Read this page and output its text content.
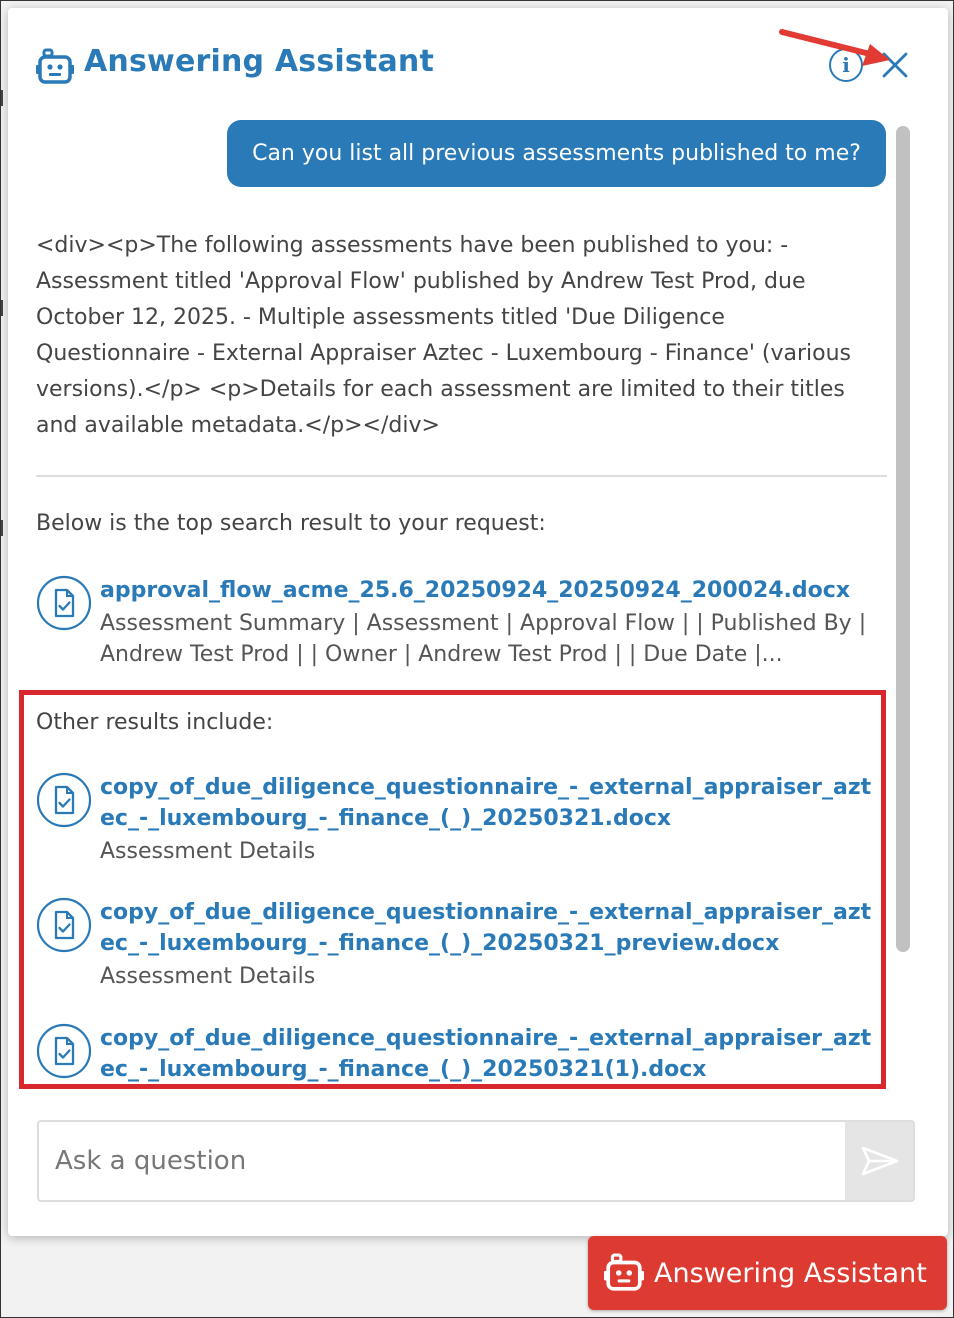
Answering Assistant	i
Can you list all previous assessments published to me?
<div><p>The following assessments have been published to you: - Assessment titled 'Approval Flow' published by Andrew Test Prod, due October 12, 2025. - Multiple assessments titled 'Due Diligence Questionnaire - External Appraiser Aztec - Luxembourg - Finance' (various versions).</p> <p>Details for each assessment are limited to their titles and available metadata.</p></div>
Below is the top search result to your request:
approval_flow_acme_25.6_20250924_20250924_200024.docx
Assessment Summary | Assessment | Approval Flow | | Published By | Andrew Test Prod | | Owner | Andrew Test Prod | | Due Date |...
Other results include:
copy_of_due_diligence_questionnaire_-_external_appraiser_aztec_-_luxembourg_-_finance_(_)_20250321.docx
Assessment Details
copy_of_due_diligence_questionnaire_-_external_appraiser_aztec_-_luxembourg_-_finance_(_)_20250321_preview.docx
Assessment Details
copy_of_due_diligence_questionnaire_-_external_appraiser_aztec_-_luxembourg_-_finance_(_)_20250321(1).docx
Ask a question
Answering Assistant
